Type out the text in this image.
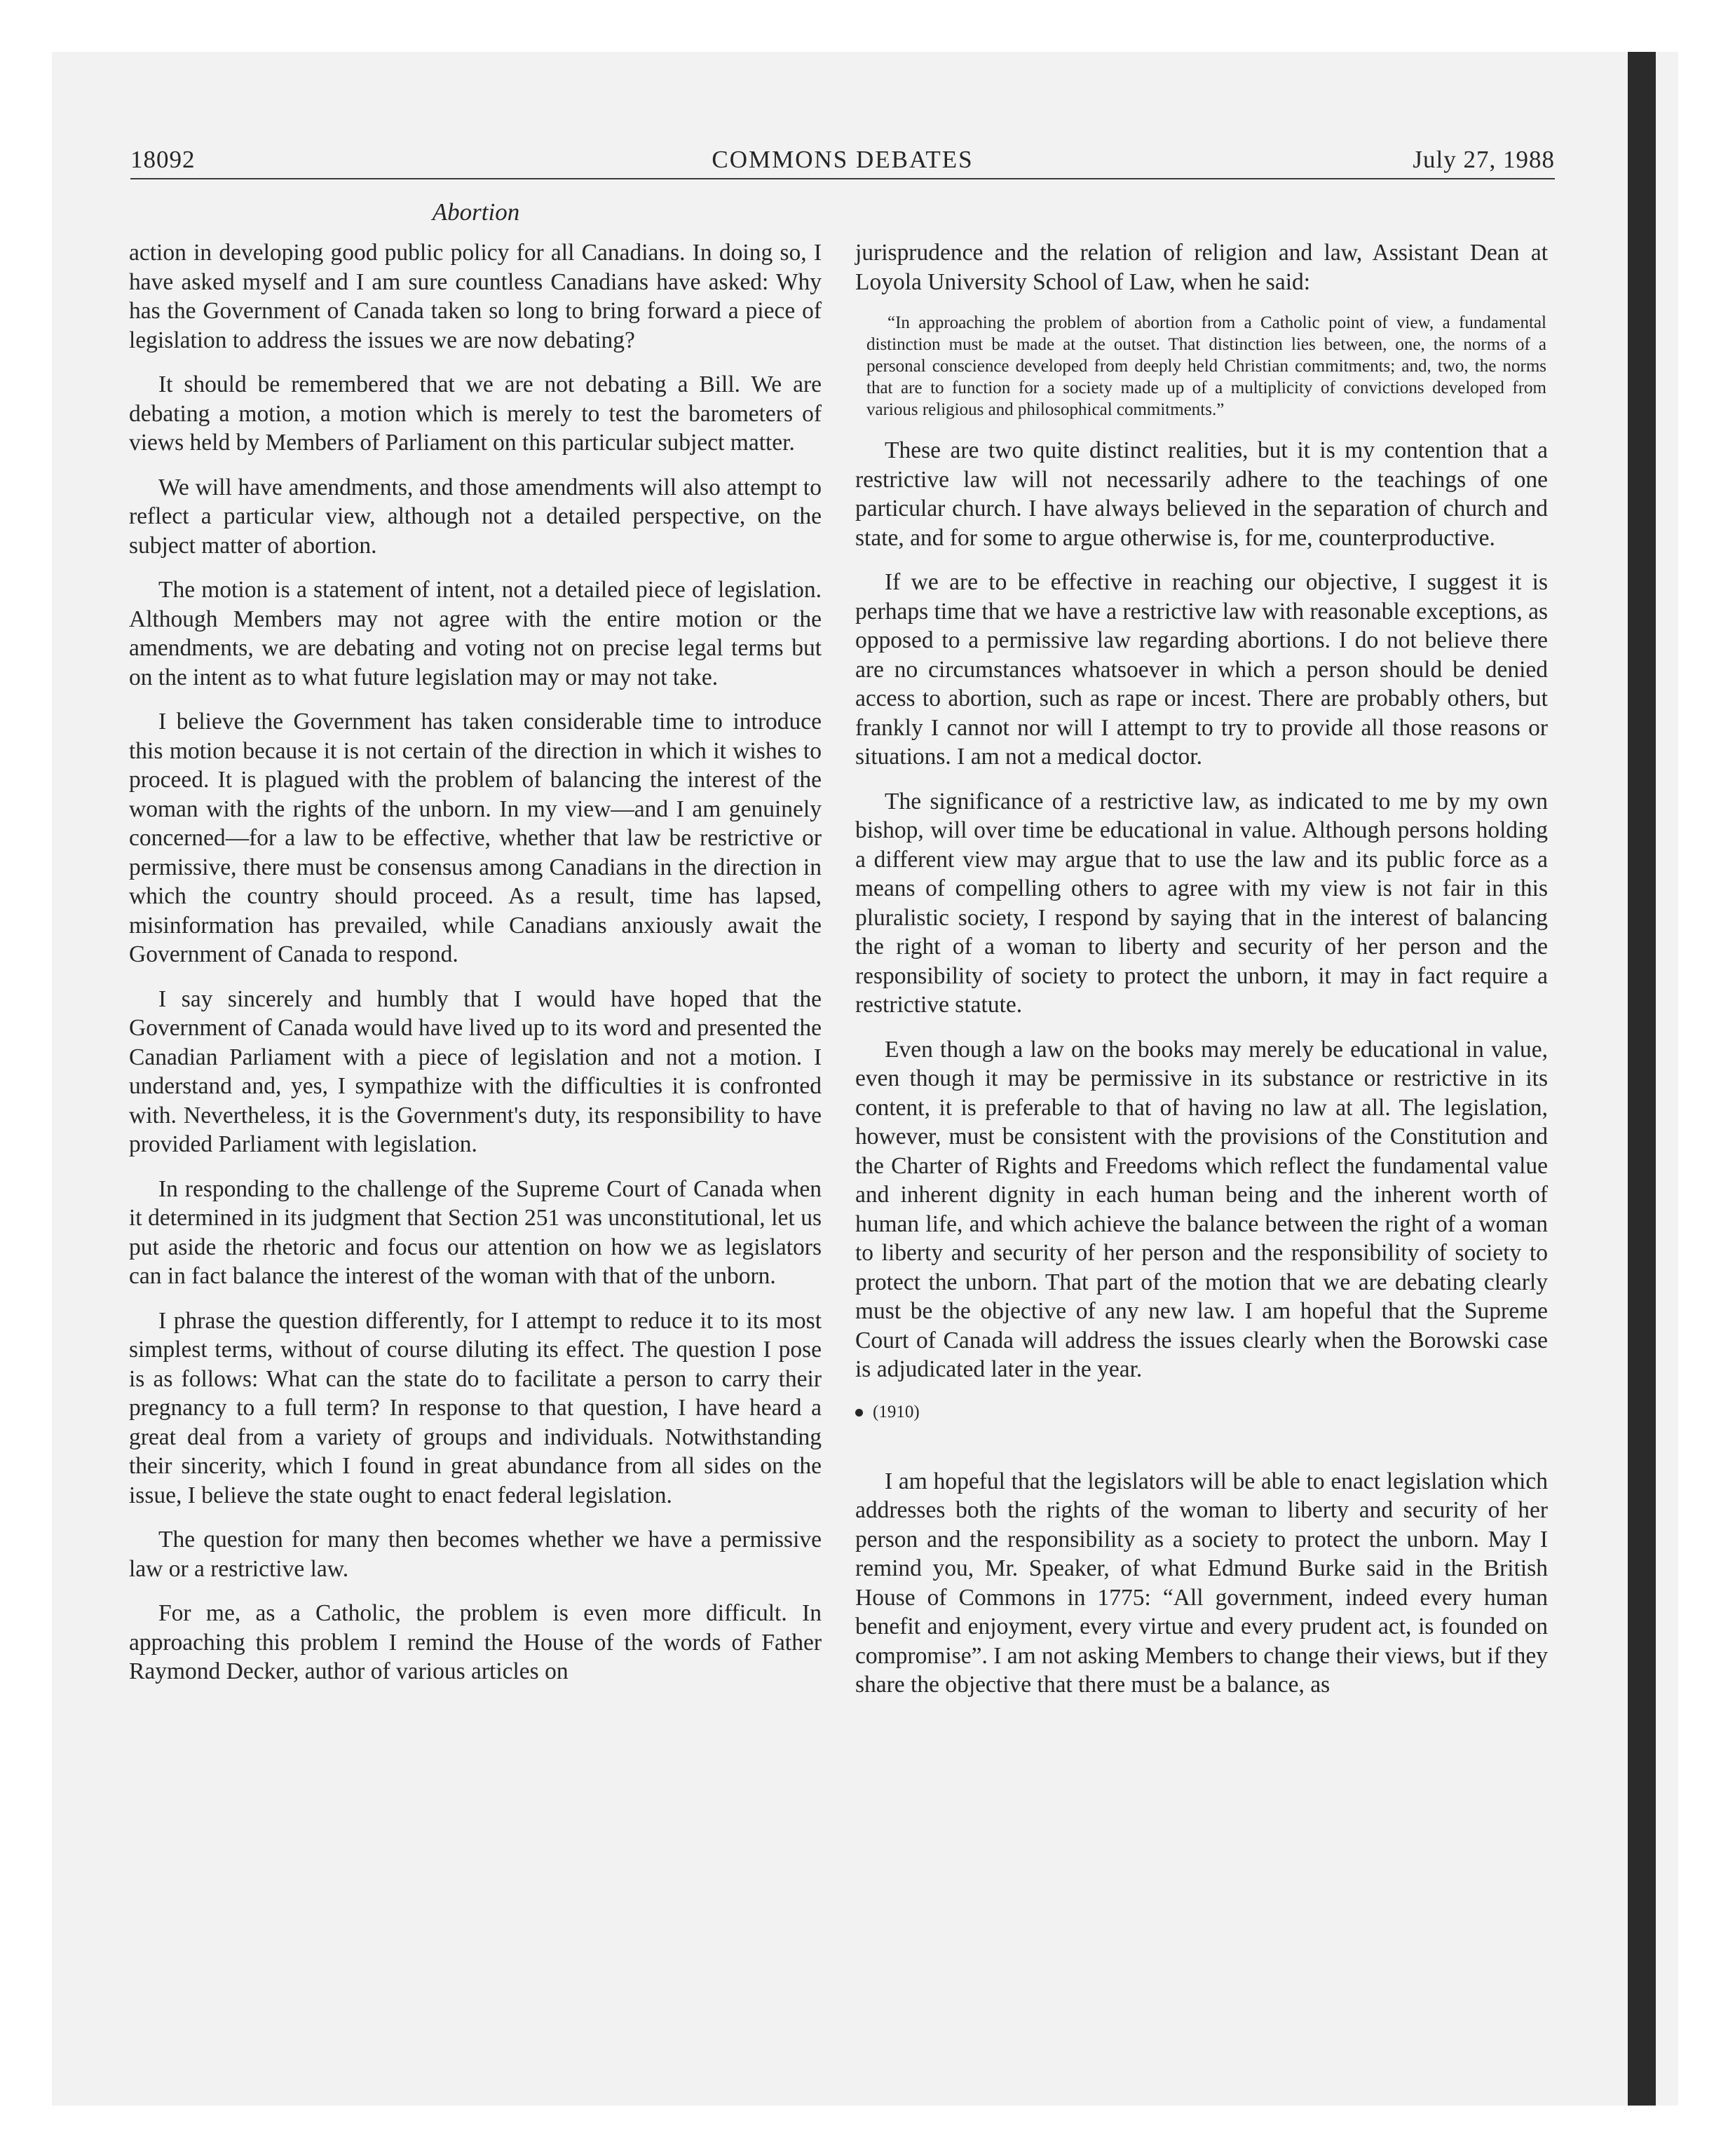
18092	COMMONS DEBATES	July 27, 1988
Abortion

action in developing good public policy for all Canadians. In doing so, I have asked myself and I am sure countless Canadians have asked: Why has the Government of Canada taken so long to bring forward a piece of legislation to address the issues we are now debating?

It should be remembered that we are not debating a Bill. We are debating a motion, a motion which is merely to test the barometers of views held by Members of Parliament on this particular subject matter.

We will have amendments, and those amendments will also attempt to reflect a particular view, although not a detailed perspective, on the subject matter of abortion.

The motion is a statement of intent, not a detailed piece of legislation. Although Members may not agree with the entire motion or the amendments, we are debating and voting not on precise legal terms but on the intent as to what future legislation may or may not take.

I believe the Government has taken considerable time to introduce this motion because it is not certain of the direction in which it wishes to proceed. It is plagued with the problem of balancing the interest of the woman with the rights of the unborn. In my view—and I am genuinely concerned—for a law to be effective, whether that law be restrictive or permissive, there must be consensus among Canadians in the direction in which the country should proceed. As a result, time has lapsed, misinformation has prevailed, while Canadians anxiously await the Government of Canada to respond.

I say sincerely and humbly that I would have hoped that the Government of Canada would have lived up to its word and presented the Canadian Parliament with a piece of legislation and not a motion. I understand and, yes, I sympathize with the difficulties it is confronted with. Nevertheless, it is the Government's duty, its responsibility to have provided Parliament with legislation.

In responding to the challenge of the Supreme Court of Canada when it determined in its judgment that Section 251 was unconstitutional, let us put aside the rhetoric and focus our attention on how we as legislators can in fact balance the interest of the woman with that of the unborn.

I phrase the question differently, for I attempt to reduce it to its most simplest terms, without of course diluting its effect. The question I pose is as follows: What can the state do to facilitate a person to carry their pregnancy to a full term? In response to that question, I have heard a great deal from a variety of groups and individuals. Notwithstanding their sincerity, which I found in great abundance from all sides on the issue, I believe the state ought to enact federal legislation.

The question for many then becomes whether we have a permissive law or a restrictive law.

For me, as a Catholic, the problem is even more difficult. In approaching this problem I remind the House of the words of Father Raymond Decker, author of various articles on

jurisprudence and the relation of religion and law, Assistant Dean at Loyola University School of Law, when he said:

“In approaching the problem of abortion from a Catholic point of view, a fundamental distinction must be made at the outset. That distinction lies between, one, the norms of a personal conscience developed from deeply held Christian commitments; and, two, the norms that are to function for a society made up of a multiplicity of convictions developed from various religious and philosophical commitments.”

These are two quite distinct realities, but it is my contention that a restrictive law will not necessarily adhere to the teachings of one particular church. I have always believed in the separation of church and state, and for some to argue otherwise is, for me, counterproductive.

If we are to be effective in reaching our objective, I suggest it is perhaps time that we have a restrictive law with reasonable exceptions, as opposed to a permissive law regarding abortions. I do not believe there are no circumstances whatsoever in which a person should be denied access to abortion, such as rape or incest. There are probably others, but frankly I cannot nor will I attempt to try to provide all those reasons or situations. I am not a medical doctor.

The significance of a restrictive law, as indicated to me by my own bishop, will over time be educational in value. Although persons holding a different view may argue that to use the law and its public force as a means of compelling others to agree with my view is not fair in this pluralistic society, I respond by saying that in the interest of balancing the right of a woman to liberty and security of her person and the responsibility of society to protect the unborn, it may in fact require a restrictive statute.

Even though a law on the books may merely be educational in value, even though it may be permissive in its substance or restrictive in its content, it is preferable to that of having no law at all. The legislation, however, must be consistent with the provisions of the Constitution and the Charter of Rights and Freedoms which reflect the fundamental value and inherent dignity in each human being and the inherent worth of human life, and which achieve the balance between the right of a woman to liberty and security of her person and the responsibility of society to protect the unborn. That part of the motion that we are debating clearly must be the objective of any new law. I am hopeful that the Supreme Court of Canada will address the issues clearly when the Borowski case is adjudicated later in the year.

(1910)

I am hopeful that the legislators will be able to enact legislation which addresses both the rights of the woman to liberty and security of her person and the responsibility as a society to protect the unborn. May I remind you, Mr. Speaker, of what Edmund Burke said in the British House of Commons in 1775: “All government, indeed every human benefit and enjoyment, every virtue and every prudent act, is founded on compromise”. I am not asking Members to change their views, but if they share the objective that there must be a balance, as
